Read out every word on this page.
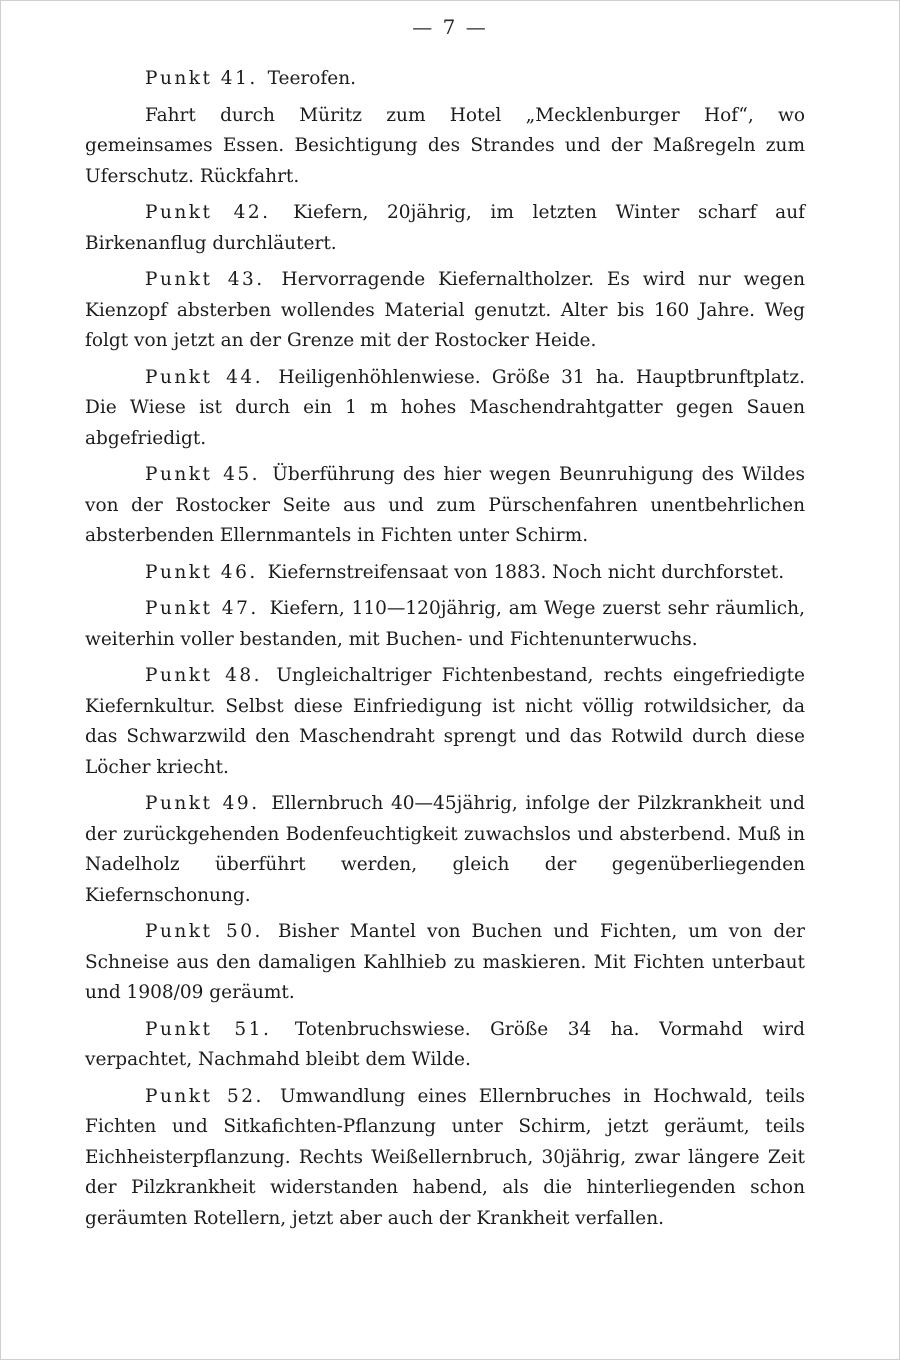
— 7 —

Punkt 41. Teerofen.

Fahrt durch Müritz zum Hotel „Mecklenburger Hof“, wo gemeinsames Essen. Besichtigung des Strandes und der Maßregeln zum Uferschutz. Rückfahrt.

Punkt 42. Kiefern, 20jährig, im letzten Winter scharf auf Birkenanflug durchläutert.

Punkt 43. Hervorragende Kiefernaltholzer. Es wird nur wegen Kienzopf absterben wollendes Material genutzt. Alter bis 160 Jahre. Weg folgt von jetzt an der Grenze mit der Rostocker Heide.

Punkt 44. Heiligenhöhlenwiese. Größe 31 ha. Hauptbrunftplatz. Die Wiese ist durch ein 1 m hohes Maschendrahtgatter gegen Sauen abgefriedigt.

Punkt 45. Überführung des hier wegen Beunruhigung des Wildes von der Rostocker Seite aus und zum Pürschenfahren unentbehrlichen absterbenden Ellernmantels in Fichten unter Schirm.

Punkt 46. Kiefernstreifensaat von 1883. Noch nicht durchforstet.

Punkt 47. Kiefern, 110—120jährig, am Wege zuerst sehr räumlich, weiterhin voller bestanden, mit Buchen- und Fichtenunterwuchs.

Punkt 48. Ungleichaltriger Fichtenbestand, rechts eingefriedigte Kiefernkultur. Selbst diese Einfriedigung ist nicht völlig rotwildsicher, da das Schwarzwild den Maschendraht sprengt und das Rotwild durch diese Löcher kriecht.

Punkt 49. Ellernbruch 40—45jährig, infolge der Pilzkrankheit und der zurückgehenden Bodenfeuchtigkeit zuwachslos und absterbend. Muß in Nadelholz überführt werden, gleich der gegenüberliegenden Kiefernschonung.

Punkt 50. Bisher Mantel von Buchen und Fichten, um von der Schneise aus den damaligen Kahlhieb zu maskieren. Mit Fichten unterbaut und 1908/09 geräumt.

Punkt 51. Totenbruchswiese. Größe 34 ha. Vormahd wird verpachtet, Nachmahd bleibt dem Wilde.

Punkt 52. Umwandlung eines Ellernbruches in Hochwald, teils Fichten und Sitkafichten-Pflanzung unter Schirm, jetzt geräumt, teils Eichheisterpflanzung. Rechts Weißellernbruch, 30jährig, zwar längere Zeit der Pilzkrankheit widerstanden habend, als die hinterliegenden schon geräumten Rotellern, jetzt aber auch der Krankheit verfallen.
